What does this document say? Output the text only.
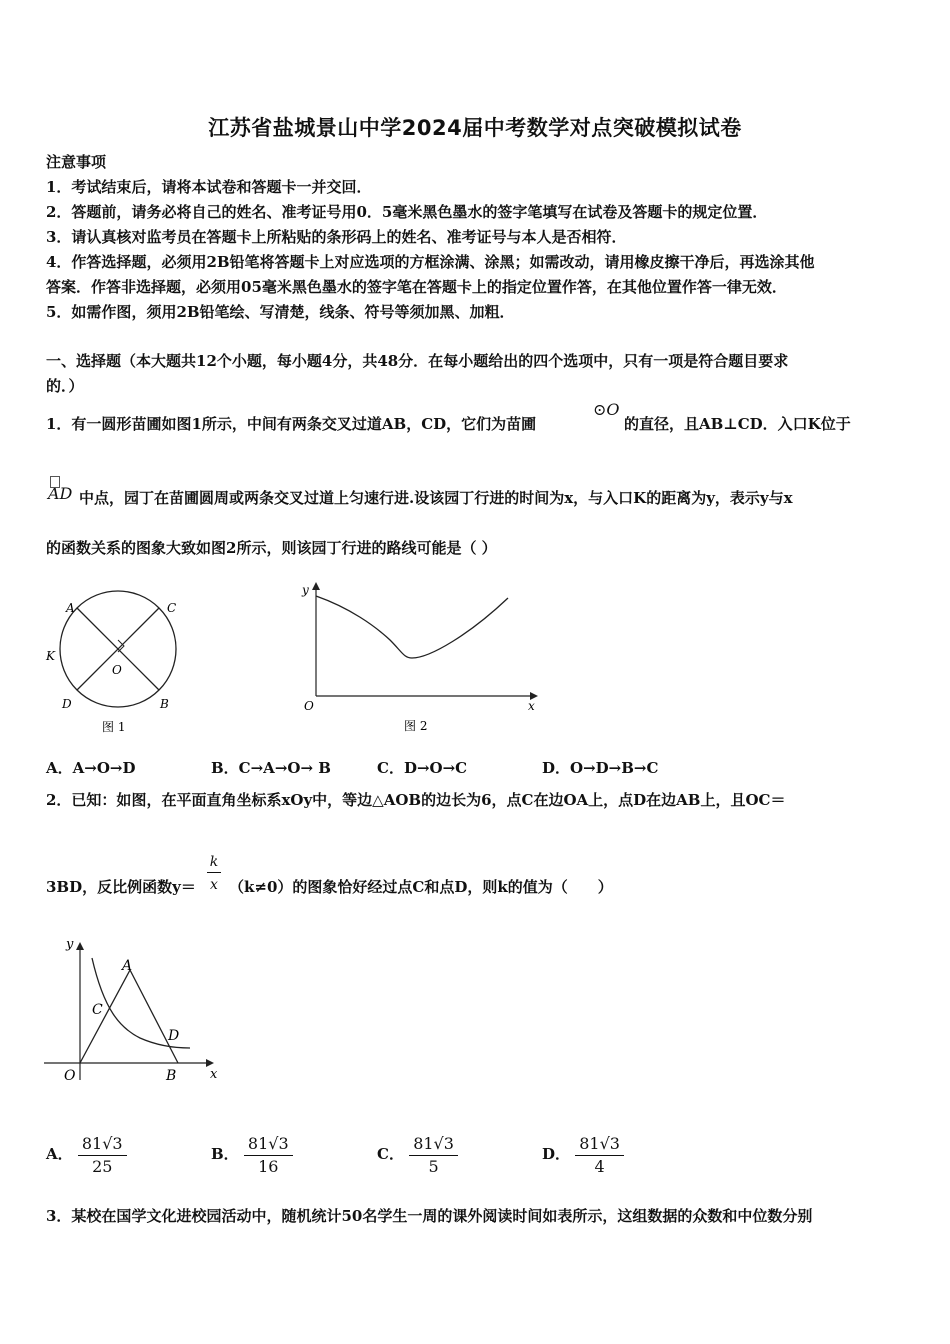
江苏省盐城景山中学2024届中考数学对点突破模拟试卷
注意事项
1．考试结束后，请将本试卷和答题卡一并交回．
2．答题前，请务必将自己的姓名、准考证号用0．5毫米黑色墨水的签字笔填写在试卷及答题卡的规定位置．
3．请认真核对监考员在答题卡上所粘贴的条形码上的姓名、准考证号与本人是否相符．
4．作答选择题，必须用2B铅笔将答题卡上对应选项的方框涂满、涂黑；如需改动，请用橡皮擦干净后，再选涂其他
答案．作答非选择题，必须用05毫米黑色墨水的签字笔在答题卡上的指定位置作答，在其他位置作答一律无效．
5．如需作图，须用2B铅笔绘、写清楚，线条、符号等须加黑、加粗．
一、选择题（本大题共12个小题，每小题4分，共48分．在每小题给出的四个选项中，只有一项是符合题目要求
的．）
1．有一圆形苗圃如图1所示，中间有两条交叉过道AB，CD，它们为苗圃
⊙O
的直径，且AB⊥CD．入口K位于
AD 中点，园丁在苗圃圆周或两条交叉过道上匀速行进.设该园丁行进的时间为x，与入口K的距离为y，表示y与x
的函数关系的图象大致如图2所示，则该园丁行进的路线可能是（ ）
A	C
K
O
D	B
图 1
y
x
O
图 2
A．A→O→D	B．C→A→O→ B	C．D→O→C	D．O→D→B→C
2．已知：如图，在平面直角坐标系xOy中，等边△AOB的边长为6，点C在边OA上，点D在边AB上，且OC＝
3BD，反比例函数y＝
k
x （k≠0）的图象恰好经过点C和点D，则k的值为（　　）
y
A
C
D
O	B	x
A． $\frac{81√3}{25}$	B． $\frac{81√3}{16}$	C． $\frac{81√3}{5}$	D． $\frac{81√3}{4}$
3．某校在国学文化进校园活动中，随机统计50名学生一周的课外阅读时间如表所示，这组数据的众数和中位数分别
